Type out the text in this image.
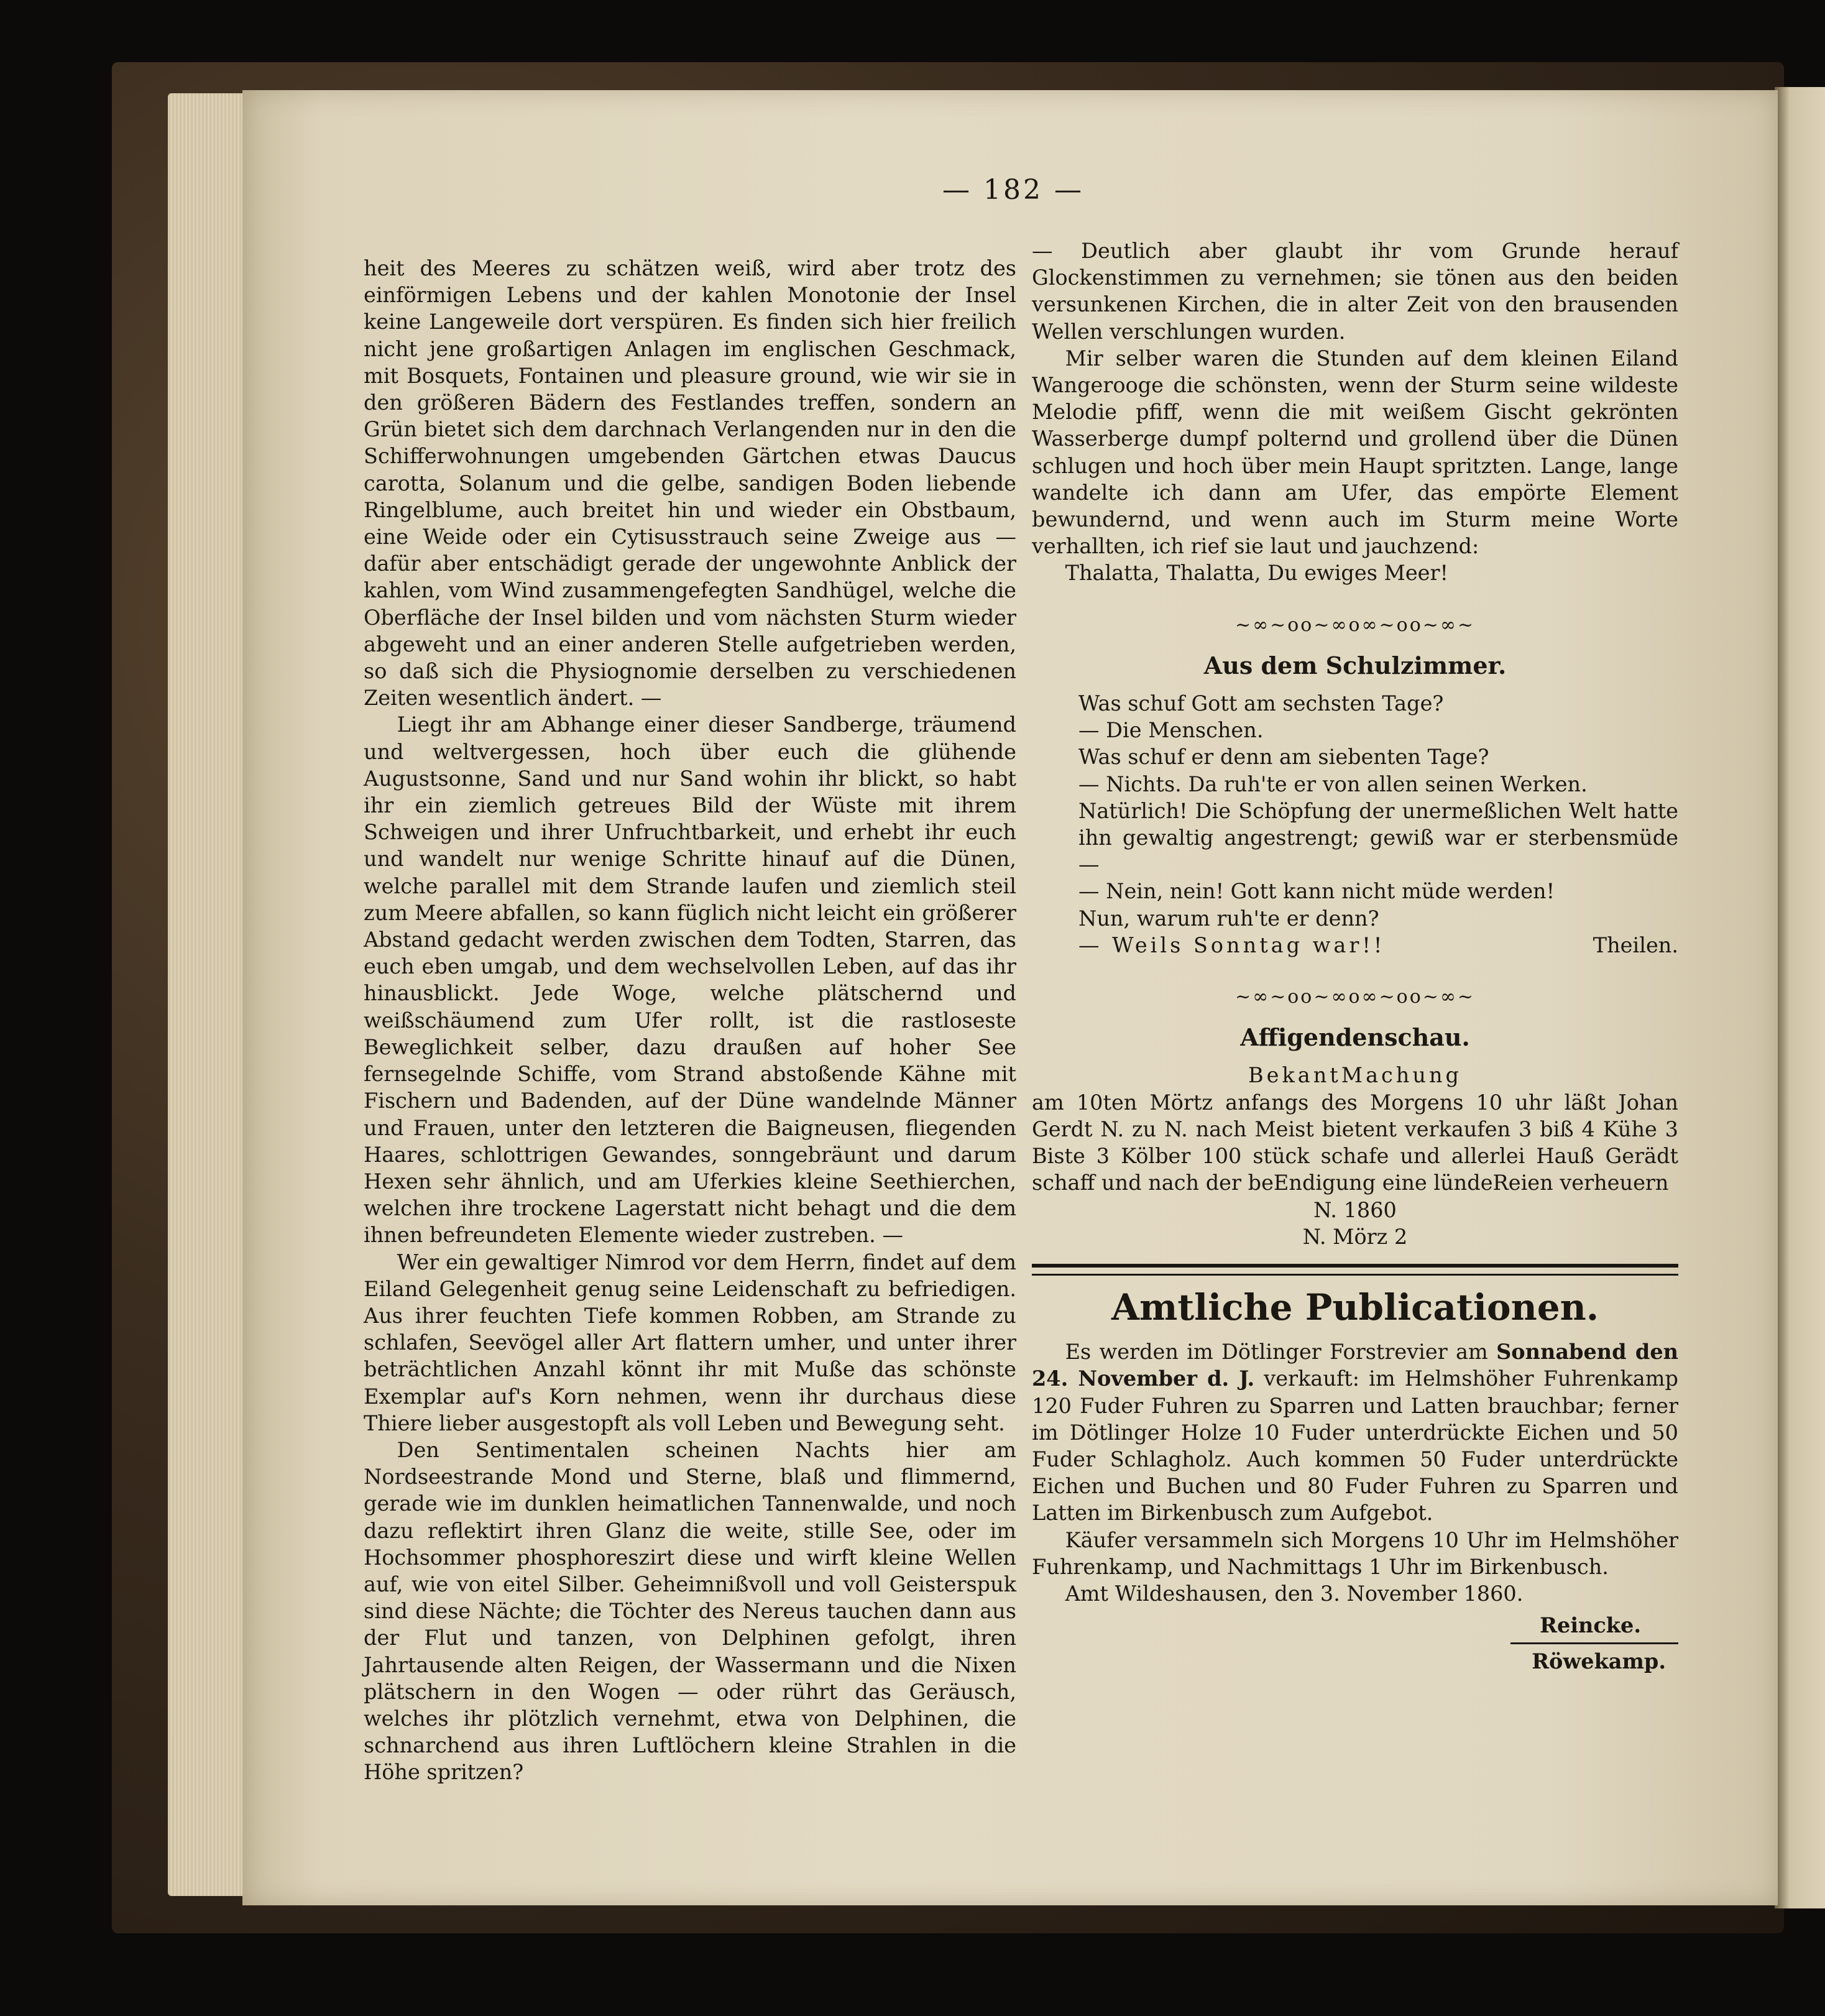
— 182 —

heit des Meeres zu schätzen weiß, wird aber trotz des einförmigen Lebens und der kahlen Monotonie der Insel keine Langeweile dort verspüren. Es finden sich hier freilich nicht jene großartigen Anlagen im englischen Geschmack, mit Bosquets, Fontainen und pleasure ground, wie wir sie in den größeren Bädern des Festlandes treffen, sondern an Grün bietet sich dem darchnach Verlangenden nur in den die Schifferwohnungen umgebenden Gärtchen etwas Daucus carotta, Solanum und die gelbe, sandigen Boden liebende Ringelblume, auch breitet hin und wieder ein Obstbaum, eine Weide oder ein Cytisusstrauch seine Zweige aus — dafür aber entschädigt gerade der ungewohnte Anblick der kahlen, vom Wind zusammengefegten Sandhügel, welche die Oberfläche der Insel bilden und vom nächsten Sturm wieder abgeweht und an einer anderen Stelle aufgetrieben werden, so daß sich die Physiognomie derselben zu verschiedenen Zeiten wesentlich ändert. —

Liegt ihr am Abhange einer dieser Sandberge, träumend und weltvergessen, hoch über euch die glühende Augustsonne, Sand und nur Sand wohin ihr blickt, so habt ihr ein ziemlich getreues Bild der Wüste mit ihrem Schweigen und ihrer Unfruchtbarkeit, und erhebt ihr euch und wandelt nur wenige Schritte hinauf auf die Dünen, welche parallel mit dem Strande laufen und ziemlich steil zum Meere abfallen, so kann füglich nicht leicht ein größerer Abstand gedacht werden zwischen dem Todten, Starren, das euch eben umgab, und dem wechselvollen Leben, auf das ihr hinausblickt. Jede Woge, welche plätschernd und weißschäumend zum Ufer rollt, ist die rastloseste Beweglichkeit selber, dazu draußen auf hoher See fernsegelnde Schiffe, vom Strand abstoßende Kähne mit Fischern und Badenden, auf der Düne wandelnde Männer und Frauen, unter den letzteren die Baigneusen, fliegenden Haares, schlottrigen Gewandes, sonngebräunt und darum Hexen sehr ähnlich, und am Uferkies kleine Seethierchen, welchen ihre trockene Lagerstatt nicht behagt und die dem ihnen befreundeten Elemente wieder zustreben. —

Wer ein gewaltiger Nimrod vor dem Herrn, findet auf dem Eiland Gelegenheit genug seine Leidenschaft zu befriedigen. Aus ihrer feuchten Tiefe kommen Robben, am Strande zu schlafen, Seevögel aller Art flattern umher, und unter ihrer beträchtlichen Anzahl könnt ihr mit Muße das schönste Exemplar auf's Korn nehmen, wenn ihr durchaus diese Thiere lieber ausgestopft als voll Leben und Bewegung seht.

Den Sentimentalen scheinen Nachts hier am Nordseestrande Mond und Sterne, blaß und flimmernd, gerade wie im dunklen heimatlichen Tannenwalde, und noch dazu reflektirt ihren Glanz die weite, stille See, oder im Hochsommer phosphoreszirt diese und wirft kleine Wellen auf, wie von eitel Silber. Geheimnißvoll und voll Geisterspuk sind diese Nächte; die Töchter des Nereus tauchen dann aus der Flut und tanzen, von Delphinen gefolgt, ihren Jahrtausende alten Reigen, der Wassermann und die Nixen plätschern in den Wogen — oder rührt das Geräusch, welches ihr plötzlich vernehmt, etwa von Delphinen, die schnarchend aus ihren Luftlöchern kleine Strahlen in die Höhe spritzen?

— Deutlich aber glaubt ihr vom Grunde herauf Glockenstimmen zu vernehmen; sie tönen aus den beiden versunkenen Kirchen, die in alter Zeit von den brausenden Wellen verschlungen wurden.

Mir selber waren die Stunden auf dem kleinen Eiland Wangerooge die schönsten, wenn der Sturm seine wildeste Melodie pfiff, wenn die mit weißem Gischt gekrönten Wasserberge dumpf polternd und grollend über die Dünen schlugen und hoch über mein Haupt spritzten. Lange, lange wandelte ich dann am Ufer, das empörte Element bewundernd, und wenn auch im Sturm meine Worte verhallten, ich rief sie laut und jauchzend:

Thalatta, Thalatta, Du ewiges Meer!

~∞~oo~∞o∞~oo~∞~
Aus dem Schulzimmer.

Was schuf Gott am sechsten Tage?

— Die Menschen.

Was schuf er denn am siebenten Tage?

— Nichts. Da ruh'te er von allen seinen Werken.

Natürlich! Die Schöpfung der unermeßlichen Welt hatte ihn gewaltig angestrengt; gewiß war er sterbensmüde —

— Nein, nein! Gott kann nicht müde werden!

Nun, warum ruh'te er denn?

— Weils Sonntag war!!	Theilen.
~∞~oo~∞o∞~oo~∞~
Affigendenschau.
BekantMachung

am 10ten Mörtz anfangs des Morgens 10 uhr läßt Johan Gerdt N. zu N. nach Meist bietent verkaufen 3 biß 4 Kühe 3 Biste 3 Kölber 100 stück schafe und allerlei Hauß Gerädt schaff und nach der beEndigung eine lündeReien verheuern

N. 1860
N. Mörz 2
Amtliche Publicationen.

Es werden im Dötlinger Forstrevier am Sonnabend den 24. November d. J. verkauft: im Helmshöher Fuhrenkamp 120 Fuder Fuhren zu Sparren und Latten brauchbar; ferner im Dötlinger Holze 10 Fuder unterdrückte Eichen und 50 Fuder Schlagholz. Auch kommen 50 Fuder unterdrückte Eichen und Buchen und 80 Fuder Fuhren zu Sparren und Latten im Birkenbusch zum Aufgebot.

Käufer versammeln sich Morgens 10 Uhr im Helmshöher Fuhrenkamp, und Nachmittags 1 Uhr im Birkenbusch.

Amt Wildeshausen, den 3. November 1860.

Reincke.
Röwekamp.
